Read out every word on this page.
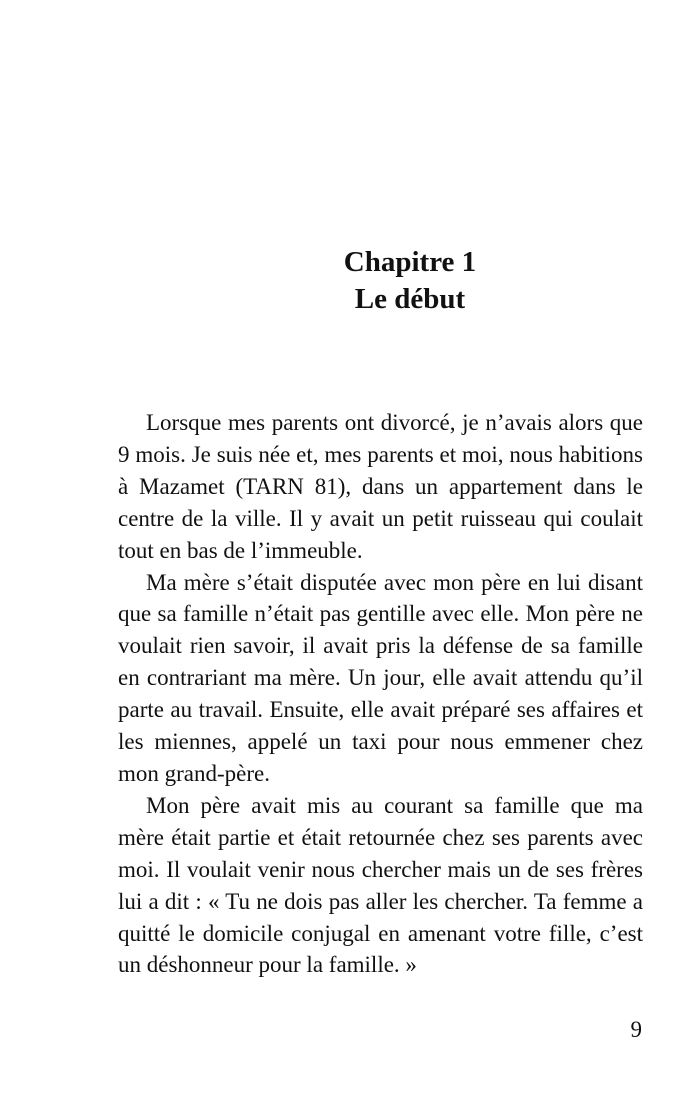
Chapitre 1
Le début

Lorsque mes parents ont divorcé, je n’avais alors que 9 mois. Je suis née et, mes parents et moi, nous habitions à Mazamet (TARN 81), dans un appartement dans le centre de la ville. Il y avait un petit ruisseau qui coulait tout en bas de l’immeuble.

Ma mère s’était disputée avec mon père en lui disant que sa famille n’était pas gentille avec elle. Mon père ne voulait rien savoir, il avait pris la défense de sa famille en contrariant ma mère. Un jour, elle avait attendu qu’il parte au travail. Ensuite, elle avait préparé ses affaires et les miennes, appelé un taxi pour nous emmener chez mon grand-père.

Mon père avait mis au courant sa famille que ma mère était partie et était retournée chez ses parents avec moi. Il voulait venir nous chercher mais un de ses frères lui a dit : « Tu ne dois pas aller les chercher. Ta femme a quitté le domicile conjugal en amenant votre fille, c’est un déshonneur pour la famille. »

9
